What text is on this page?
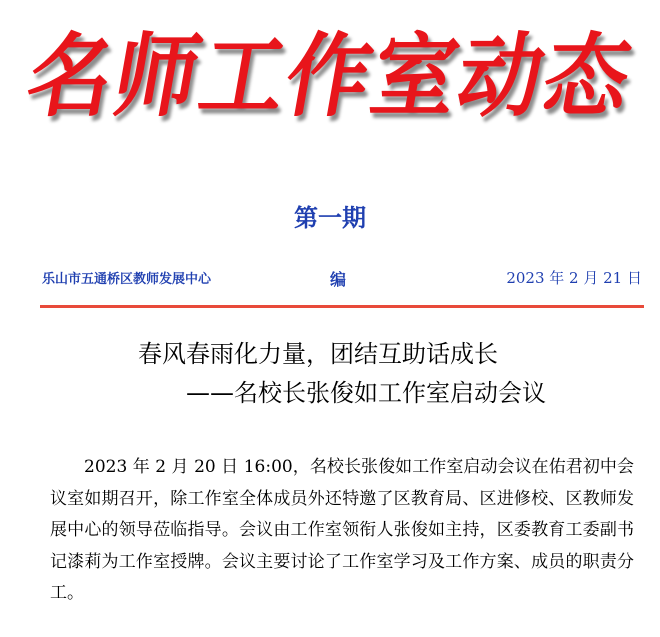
名师工作室动态
第一期
乐山市五通桥区教师发展中心	编	2023 年 2 月 21 日
春风春雨化力量，团结互助话成长
——名校长张俊如工作室启动会议

2023 年 2 月 20 日 16:00，名校长张俊如工作室启动会议在佑君初中会议室如期召开，除工作室全体成员外还特邀了区教育局、区进修校、区教师发展中心的领导莅临指导。会议由工作室领衔人张俊如主持，区委教育工委副书记漆莉为工作室授牌。会议主要讨论了工作室学习及工作方案、成员的职责分工。
